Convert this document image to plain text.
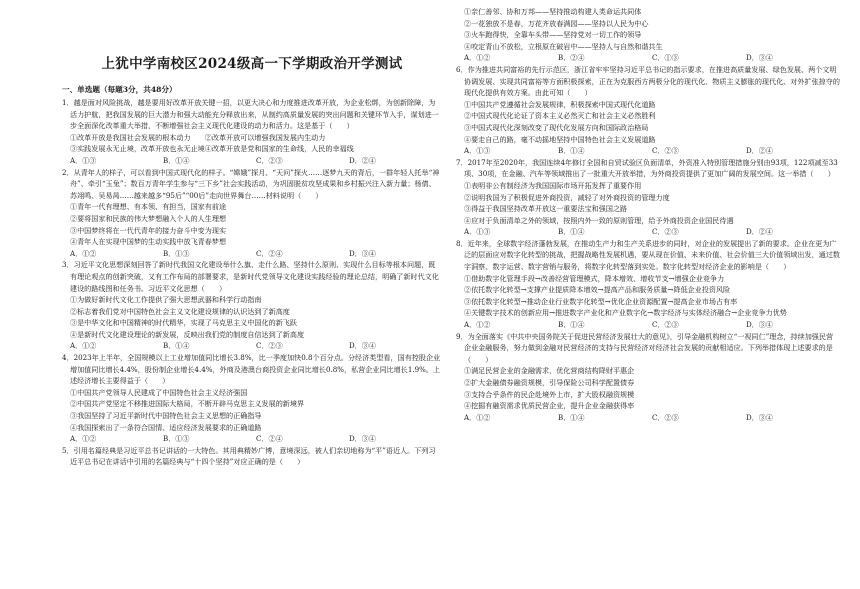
上犹中学南校区2024级高一下学期政治开学测试
一、单选题（每题3分，共48分）
1．越是面对风险挑战，越是要用好改革开放关键一招，以更大决心和力度推进改革开放，为企业松绑，为创新除障，为活力护航，把我国发展的巨大潜力和强大动能充分释放出来，从制约高质量发展的突出问题和关键环节入手，谋划进一步全面深化改革重大举措，不断增强社会主义现代化建设的动力和活力。这是基于（　　）
①改革开放是我国社会发展的根本动力　　②改革开放可以增强我国发展内生动力
③实践发展永无止境，改革开放也永无止境④改革开放是党和国家的生命线，人民的幸福线
A．①③	B．①④	C．②③	D．②④
2．从青年人的样子，可以看到中国式现代化的样子。“嫦娥”探月、“天问”探火……逐梦九天的背后，一群年轻人托举“神舟”、牵引“玉兔”；数百万青年学生参与“三下乡”社会实践活动，为巩固脱贫攻坚成果和乡村振兴注入新力量；杨倩、苏翊鸣、吴易昺……越来越多“95后”“00后”走向世界舞台……材料说明（　　）
①青年一代有理想、有本领、有担当，国家有前途
②要将国家和民族的伟大梦想融入个人的人生理想
③中国梦终将在一代代青年的接力奋斗中变为现实
④青年人在实现中国梦的生动实践中放飞青春梦想
A．①②	B．①③	C．②④	D．③④
3．习近平文化思想深刻回答了新时代我国文化建设举什么旗、走什么路、坚持什么原则、实现什么目标等根本问题，既有理论观点的创新突破，又有工作布局的部署要求，是新时代党领导文化建设实践经验的理论总结，明确了新时代文化建设的路线图和任务书。习近平文化思想（　　）
①为做好新时代文化工作提供了强大思想武器和科学行动指南
②标志着我们党对中国特色社会主义文化建设规律的认识达到了新高度
③是中华文化和中国精神的时代精华，实现了马克思主义中国化的新飞跃
④是新时代文化建设理论的新发展，反映出我们党的制度自信达到了新高度
A．①②	B．①④	C．②③	D．③④
4．2023年上半年，全国规模以上工业增加值同比增长3.8%，比一季度加快0.8个百分点。分经济类型看，国有控股企业增加值同比增长4.4%，股份制企业增长4.4%，外商及港澳台商投资企业同比增长0.8%，私营企业同比增长1.9%。上述经济增长主要得益于（　　）
①中国共产党领导人民建成了中国特色社会主义经济强国
②中国共产党坚定不移推进国际大格局，不断开辟马克思主义发展的新境界
③我国坚持了习近平新时代中国特色社会主义思想的正确指导
④我国探索出了一条符合国情、适应经济发展要求的正确道路
A．①②	B．①③	C．②④	D．③④
5．引用名篇经典是习近平总书记讲话的一大特色。其用典精妙广博，意境深远，被人们亲切地称为“平”语近人。下列习近平总书记在讲话中引用的名篇经典与“十四个坚持”对应正确的是（　　）
①亲仁善邻、协和万邦——坚持推动构建人类命运共同体
②一花独放不是春，万花齐放春满园——坚持以人民为中心
③火车跑得快，全靠车头带——坚持党对一切工作的领导
④咬定青山不放松，立根原在破岩中——坚持人与自然和谐共生
A．①②	B．②④	C．①③	D．③④
6．作为推进共同富裕的先行示范区，浙江省牢牢坚持习近平总书记的指示要求，在推进高质量发展、绿色发展、两个文明协调发展、实现共同富裕等方面积极探索，正在为克服西方两极分化的现代化、物质主义膨胀的现代化、对外扩张掠夺的现代化提供有效方案。由此可知（　　）
①中国共产党遵循社会发展规律，积极探索中国式现代化道路
②中国式现代化论证了资本主义必然灭亡和社会主义必然胜利
③中国式现代化深刻改变了现代化发展方向和国际政治格局
④要走自己的路，毫不动摇地坚持中国特色社会主义发展道路
A．①③	B．①④	C．②③	D．②④
7．2017年至2020年，我国连续4年修订全国和自贸试验区负面清单，外资准入特别管理措施分别由93项，122项减至33项、30项，在金融、汽车等领域推出了一批重大开放举措，为外商投资提供了更加广阔的发展空间。这一举措（　　）
①表明非公有制经济为我国国际市场开拓发挥了重要作用
②说明我国为了积极促进外商投资，减轻了对外商投资的管理力度
③得益于我国坚持改革开放这一重要法宝和强国之路
④应对于负面清单之外的领域，按照内外一致的原则管理，给予外商投资企业国民待遇
A．①③	B．①④	C．②③	D．②④
8．近年来，全球数字经济蓬勃发展，在推动生产力和生产关系进步的同时，对企业的发展提出了新的要求。企业在更为广泛的层面应对数字化转型的挑战，把握战略性发展机遇，要从现在价值、未来价值、社会价值三大价值领域出发，通过数字洞察、数字运营、数字营销与服务，将数字化转型落到实处。数字化转型对经济企业的影响是（　　）
①借助数字化管理手段→改善经营管理模式，降本增效、增收节支→增强企业竞争力
②依托数字化转型→支撑产业提质降本增效→提高产品和服务质量→降低企业投资风险
③依托数字化转型→推动企业行业数字化转型→优化企业资源配置→提高企业市场占有率
④关键数字技术的创新应用→推进数字产业化和产业数字化→数字经济与实体经济融合→企业竞争力优势
A．①②	B．①④	C．②③	D．③④
9．为全面落实《中共中央国务院关于促进民营经济发展壮大的意见》，引导金融机构树立“一视同仁”理念，持续加强民营企业金融服务，努力做到金融对民营经济的支持与民营经济对经济社会发展的贡献相适应。下列举措体现上述要求的是（　　）
①满足民营企业的金融需求，优化营商结构降财平惠企
②扩大金融债券融资规模，引导保险公司科学配置债券
③支持合乎条件的民企赴境外上市，扩大股权融资规模
④挖掘有融资需求优质民营企业，提升企业金融获得率
A．①②	B．①④	C．②③	D．③④
